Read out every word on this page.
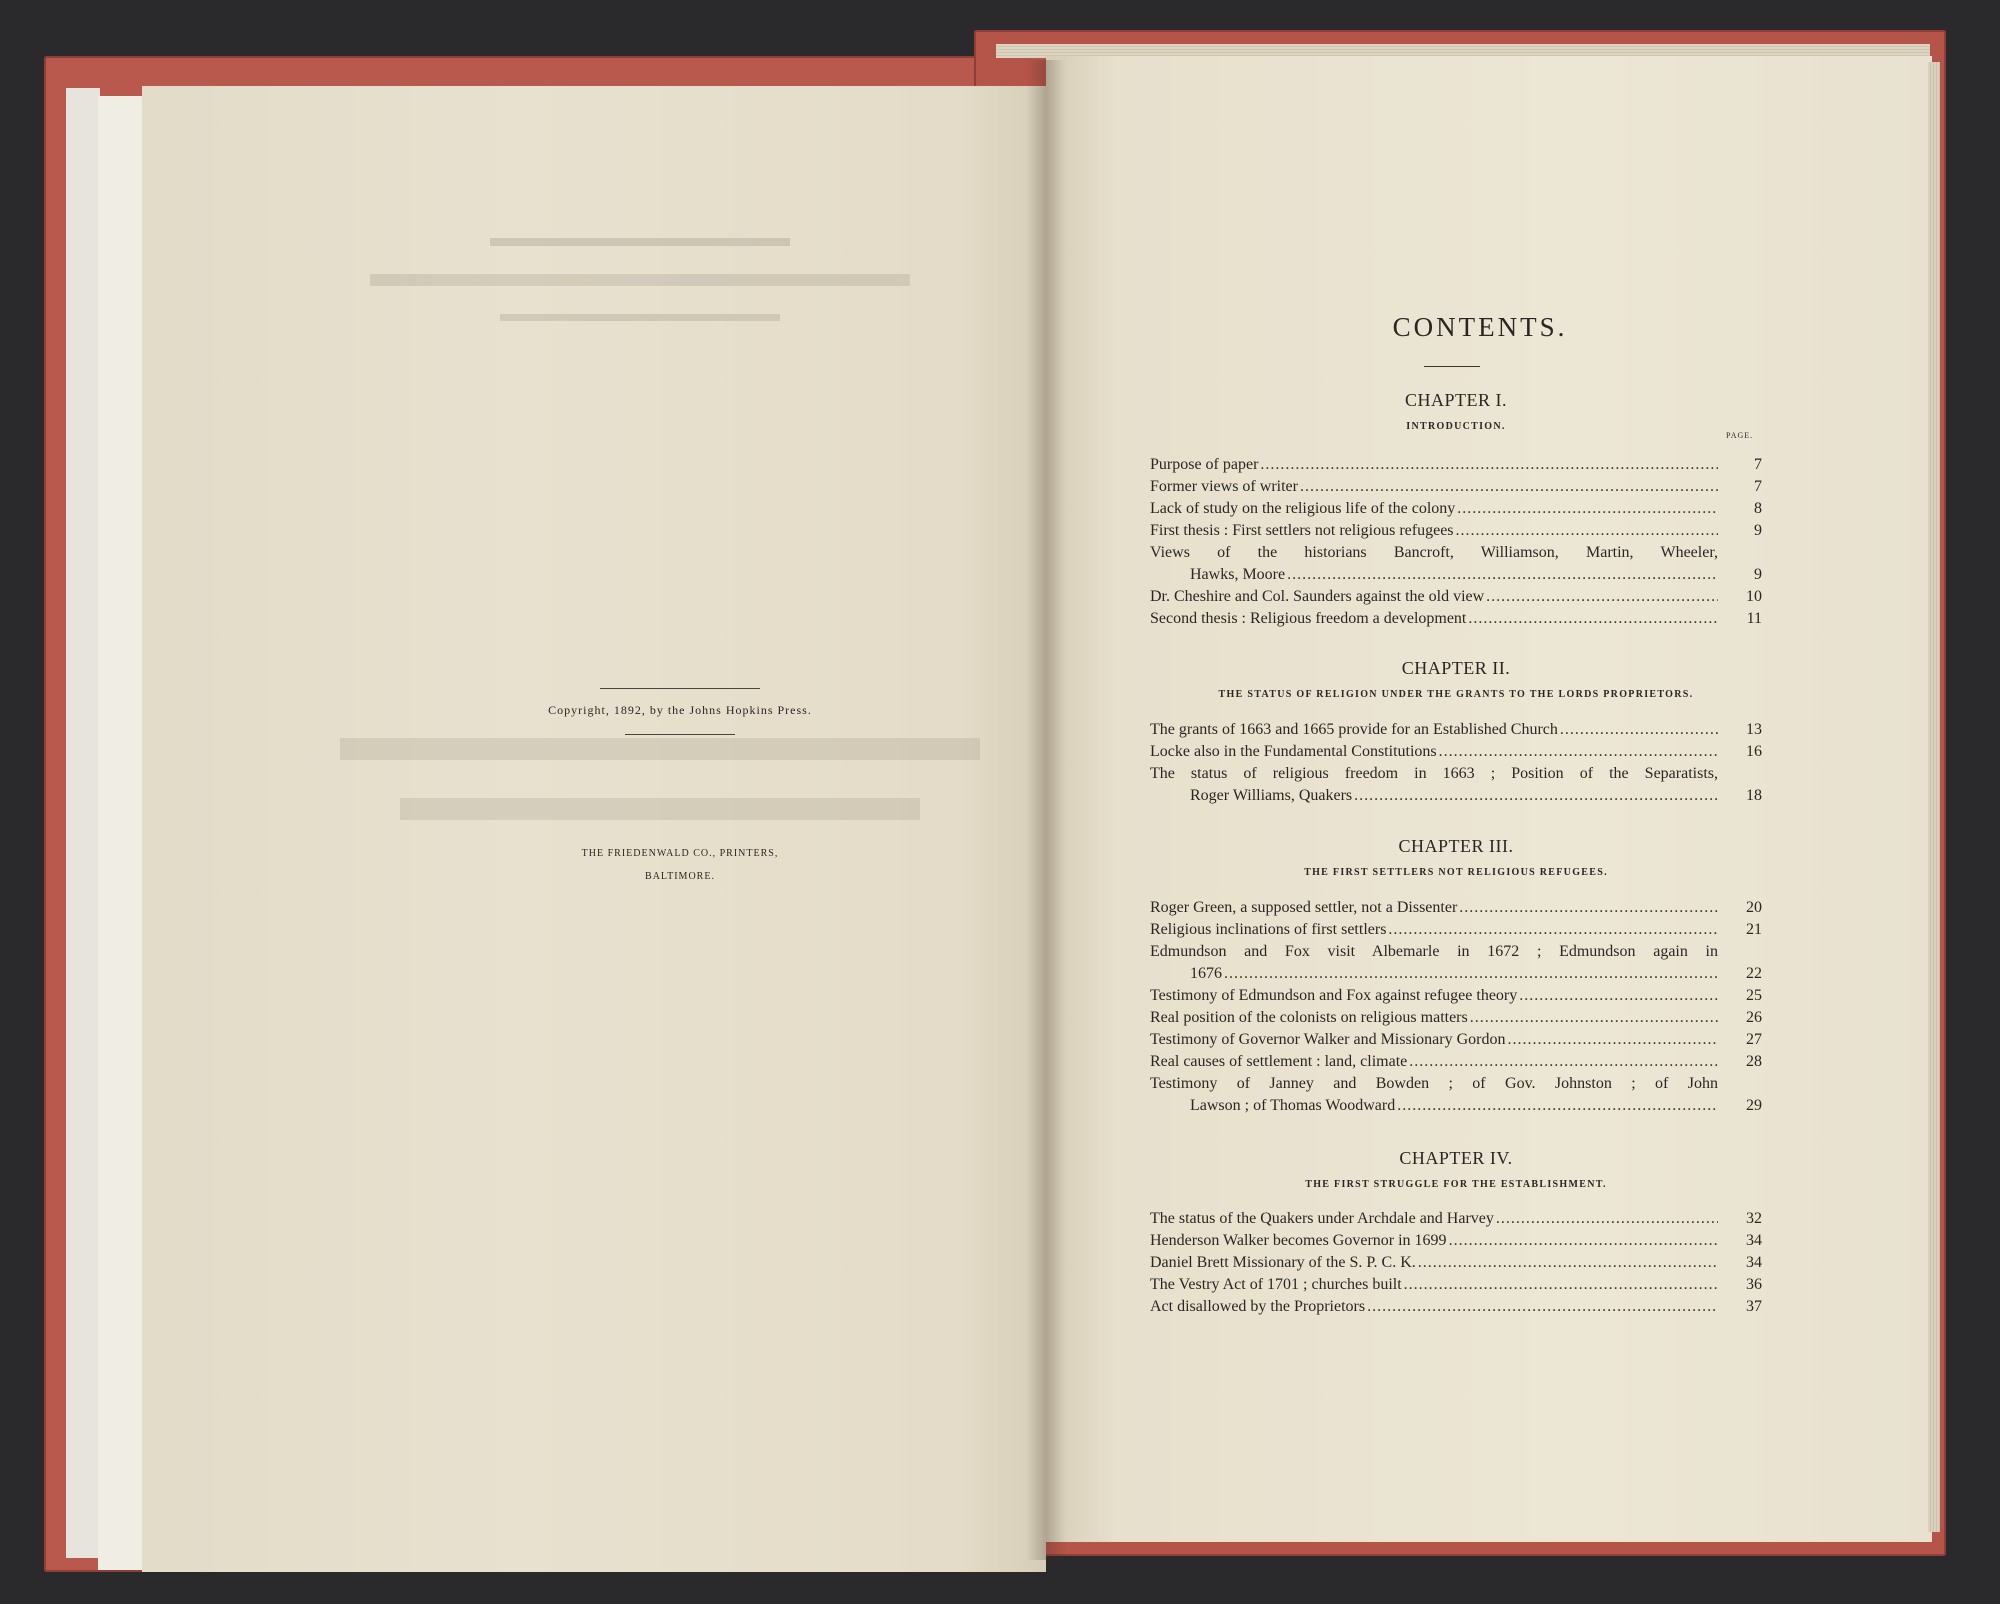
Copyright, 1892, by the Johns Hopkins Press.
THE FRIEDENWALD CO., PRINTERS,
BALTIMORE.
CONTENTS.
CHAPTER I.
INTRODUCTION.
PAGE.
Purpose of paper .....	7
Former views of writer .....	7
Lack of study on the religious life of the colony .....	8
First thesis : First settlers not religious refugees .....	9
Views of the historians Bancroft, Williamson, Martin, Wheeler,
Hawks, Moore .....	9
Dr. Cheshire and Col. Saunders against the old view .....	10
Second thesis : Religious freedom a development .....	11
CHAPTER II.
THE STATUS OF RELIGION UNDER THE GRANTS TO THE LORDS PROPRIETORS.
The grants of 1663 and 1665 provide for an Established Church .....	13
Locke also in the Fundamental Constitutions .....	16
The status of religious freedom in 1663 ; Position of the Separatists,
Roger Williams, Quakers .....	18
CHAPTER III.
THE FIRST SETTLERS NOT RELIGIOUS REFUGEES.
Roger Green, a supposed settler, not a Dissenter .....	20
Religious inclinations of first settlers .....	21
Edmundson and Fox visit Albemarle in 1672 ; Edmundson again in
1676 .....	22
Testimony of Edmundson and Fox against refugee theory .....	25
Real position of the colonists on religious matters .....	26
Testimony of Governor Walker and Missionary Gordon .....	27
Real causes of settlement : land, climate .....	28
Testimony of Janney and Bowden ; of Gov. Johnston ; of John
Lawson ; of Thomas Woodward .....	29
CHAPTER IV.
THE FIRST STRUGGLE FOR THE ESTABLISHMENT.
The status of the Quakers under Archdale and Harvey .....	32
Henderson Walker becomes Governor in 1699 .....	34
Daniel Brett Missionary of the S. P. C. K. .....	34
The Vestry Act of 1701 ; churches built .....	36
Act disallowed by the Proprietors .....	37
